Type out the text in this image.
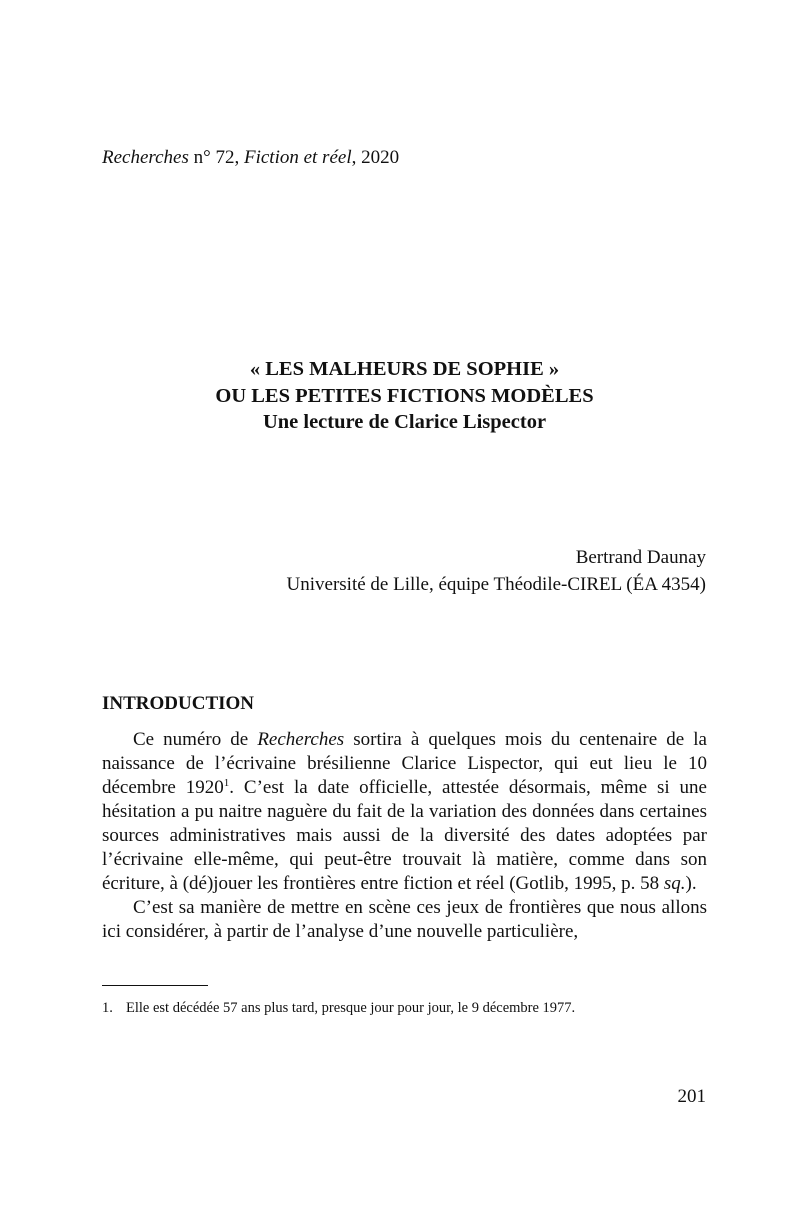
Recherches n° 72, Fiction et réel, 2020
« LES MALHEURS DE SOPHIE »
OU LES PETITES FICTIONS MODÈLES
Une lecture de Clarice Lispector
Bertrand Daunay
Université de Lille, équipe Théodile-CIREL (ÉA 4354)
INTRODUCTION

Ce numéro de Recherches sortira à quelques mois du centenaire de la naissance de l’écrivaine brésilienne Clarice Lispector, qui eut lieu le 10 décembre 1920$^1$. C’est la date officielle, attestée désormais, même si une hésitation a pu naitre naguère du fait de la variation des données dans certaines sources administratives mais aussi de la diversité des dates adoptées par l’écrivaine elle-même, qui peut-être trouvait là matière, comme dans son écriture, à (dé)jouer les frontières entre fiction et réel (Gotlib, 1995, p. 58 sq.).

C’est sa manière de mettre en scène ces jeux de frontières que nous allons ici considérer, à partir de l’analyse d’une nouvelle particulière,

1. Elle est décédée 57 ans plus tard, presque jour pour jour, le 9 décembre 1977.
201
